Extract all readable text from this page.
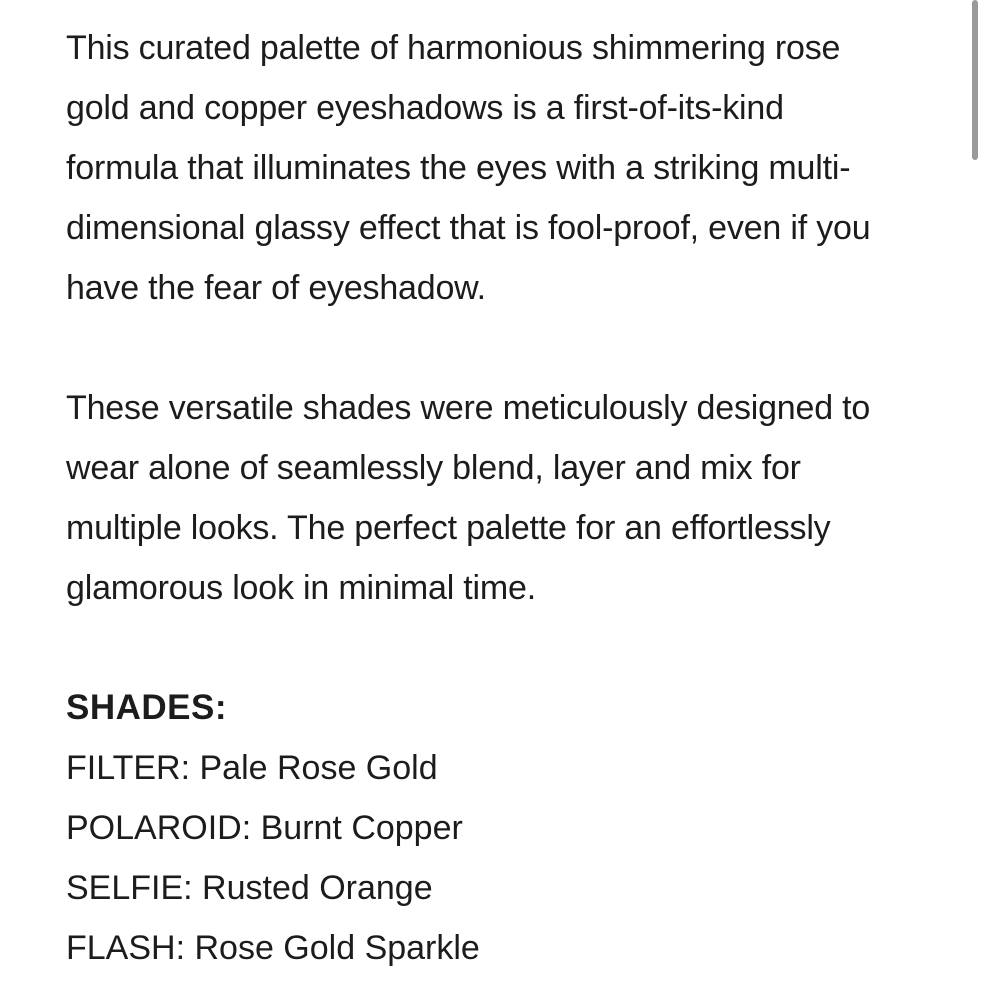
This curated palette of harmonious shimmering rose

gold and copper eyeshadows is a first-of-its-kind

formula that illuminates the eyes with a striking multi-

dimensional glassy effect that is fool-proof, even if you

have the fear of eyeshadow.

These versatile shades were meticulously designed to

wear alone of seamlessly blend, layer and mix for

multiple looks. The perfect palette for an effortlessly

glamorous look in minimal time.

SHADES:

FILTER: Pale Rose Gold

POLAROID: Burnt Copper

SELFIE: Rusted Orange

FLASH: Rose Gold Sparkle
